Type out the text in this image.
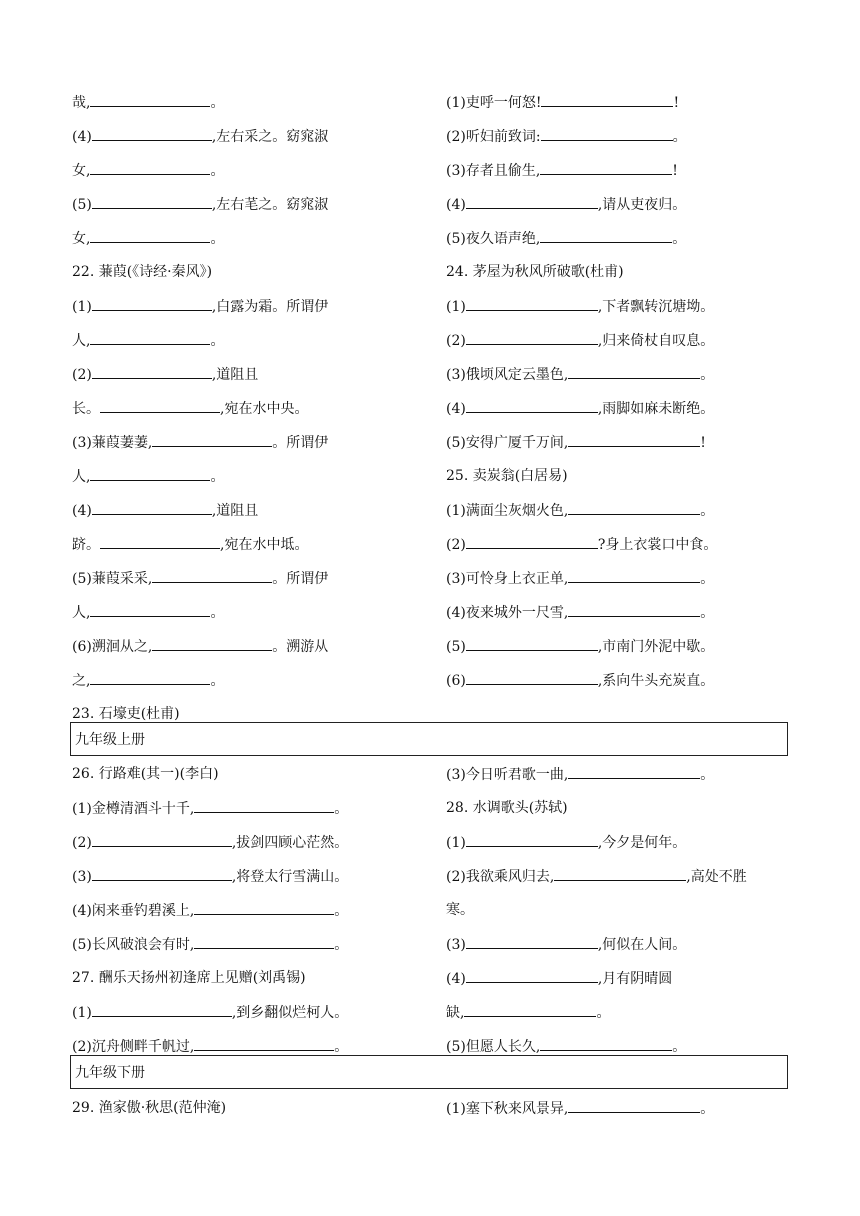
哉,	。
(4)	,左右采之。窈窕淑
女,	。
(5)	,左右芼之。窈窕淑
女,	。
22. 蒹葭(《诗经·秦风》)
(1)	,白露为霜。所谓伊
人,	。
(2)	,道阻且
长。	,宛在水中央。
(3)蒹葭萋萋,	。所谓伊
人,	。
(4)	,道阻且
跻。	,宛在水中坻。
(5)蒹葭采采,	。所谓伊
人,	。
(6)溯洄从之,	。溯游从
之,	。
23. 石壕吏(杜甫)
(1)吏呼一何怒!	!
(2)听妇前致词:	。
(3)存者且偷生,	!
(4)	,请从吏夜归。
(5)夜久语声绝,	。
24. 茅屋为秋风所破歌(杜甫)
(1)	,下者飘转沉塘坳。
(2)	,归来倚杖自叹息。
(3)俄顷风定云墨色,	。
(4)	,雨脚如麻未断绝。
(5)安得广厦千万间,	!
25. 卖炭翁(白居易)
(1)满面尘灰烟火色,	。
(2)	?身上衣裳口中食。
(3)可怜身上衣正单,	。
(4)夜来城外一尺雪,	。
(5)	,市南门外泥中歇。
(6)	,系向牛头充炭直。
九年级上册
26. 行路难(其一)(李白)
(1)金樽清酒斗十千,	。
(2)	,拔剑四顾心茫然。
(3)	,将登太行雪满山。
(4)闲来垂钓碧溪上,	。
(5)长风破浪会有时,	。
27. 酬乐天扬州初逢席上见赠(刘禹锡)
(1)	,到乡翻似烂柯人。
(2)沉舟侧畔千帆过,	。
(3)今日听君歌一曲,	。
28. 水调歌头(苏轼)
(1)	,今夕是何年。
(2)我欲乘风归去,	,高处不胜
寒。
(3)	,何似在人间。
(4)	,月有阴晴圆
缺,	。
(5)但愿人长久,	。
九年级下册
29. 渔家傲·秋思(范仲淹)	(1)塞下秋来风景异,	。
